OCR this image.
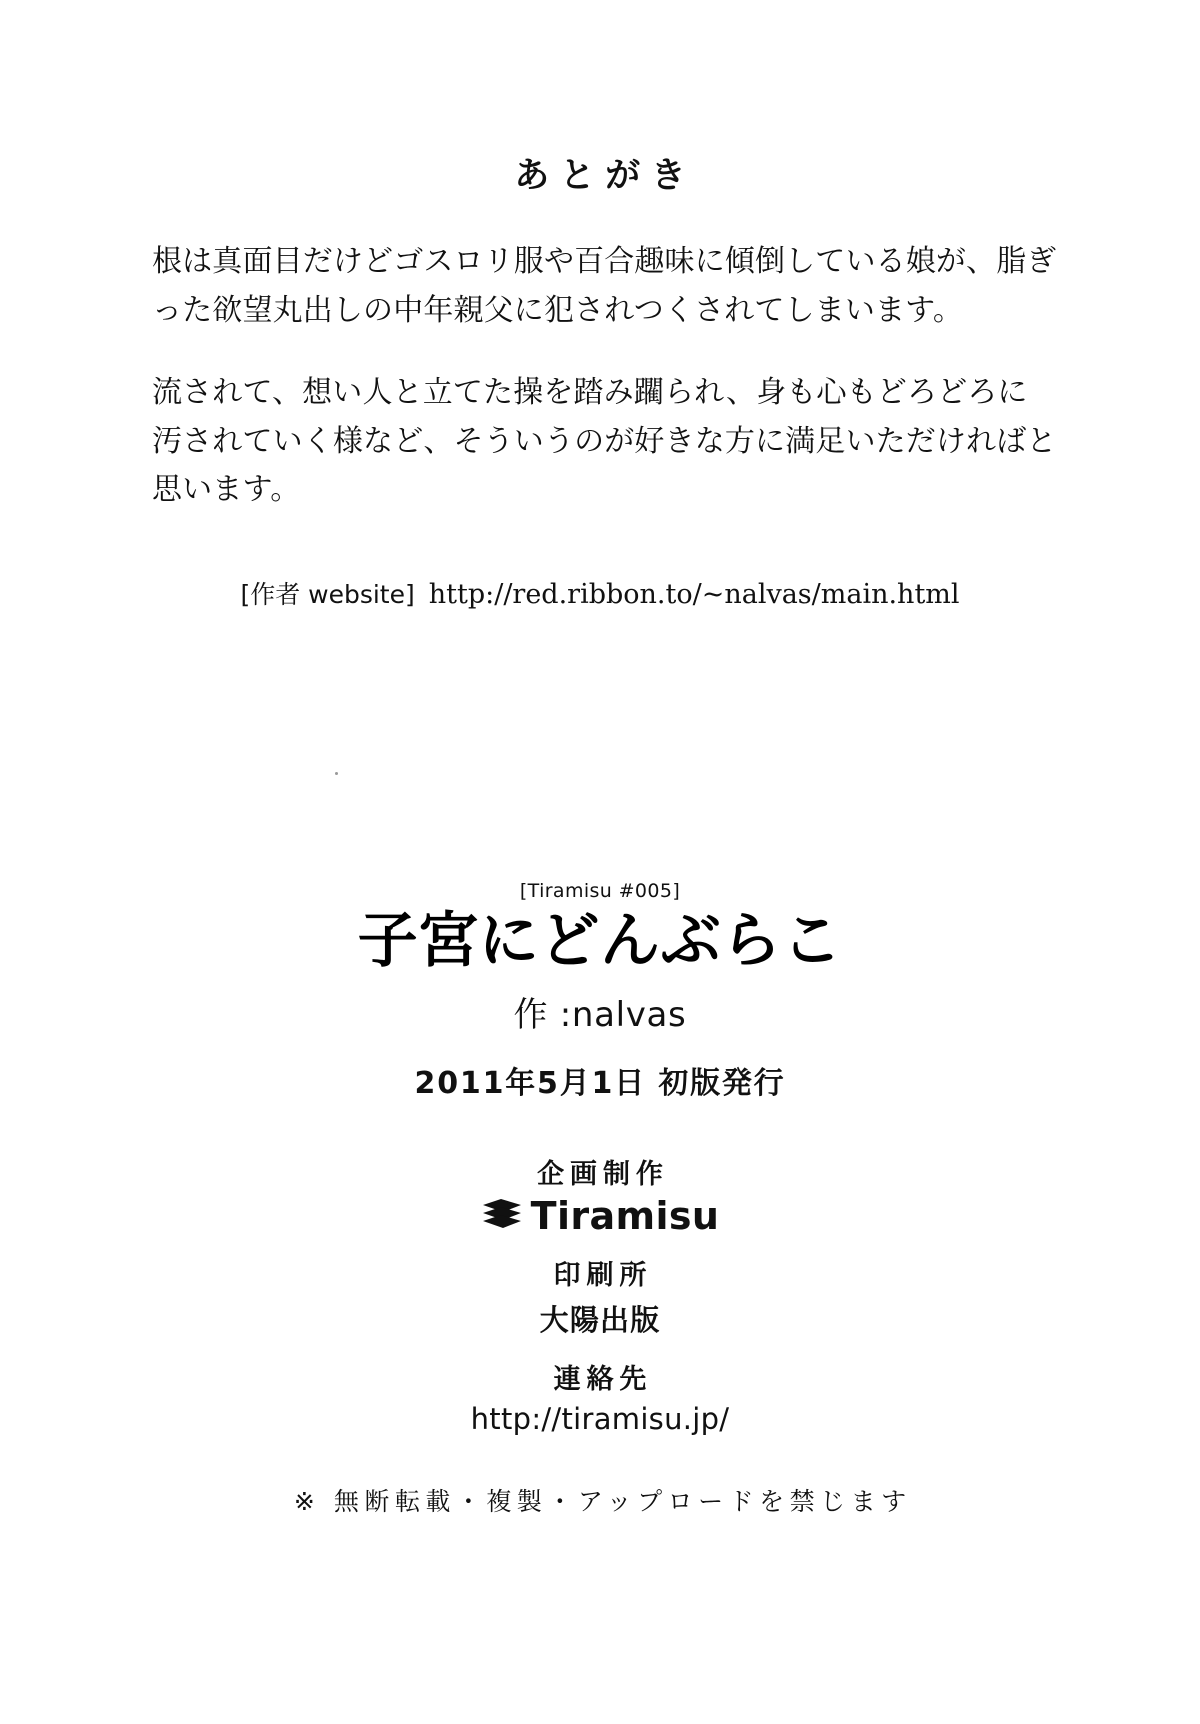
あとがき

根は真面目だけどゴスロリ服や百合趣味に傾倒している娘が、脂ぎった欲望丸出しの中年親父に犯されつくされてしまいます。

流されて、想い人と立てた操を踏み躙られ、身も心もどろどろに汚されていく様など、そういうのが好きな方に満足いただければと思います。

[作者 website] http://red.ribbon.to/~nalvas/main.html
[Tiramisu #005]
子宮にどんぶらこ
作 :nalvas
2011年5月1日 初版発行
企画制作
Tiramisu
印刷所
大陽出版
連絡先
http://tiramisu.jp/
※ 無断転載・複製・アップロードを禁じます
